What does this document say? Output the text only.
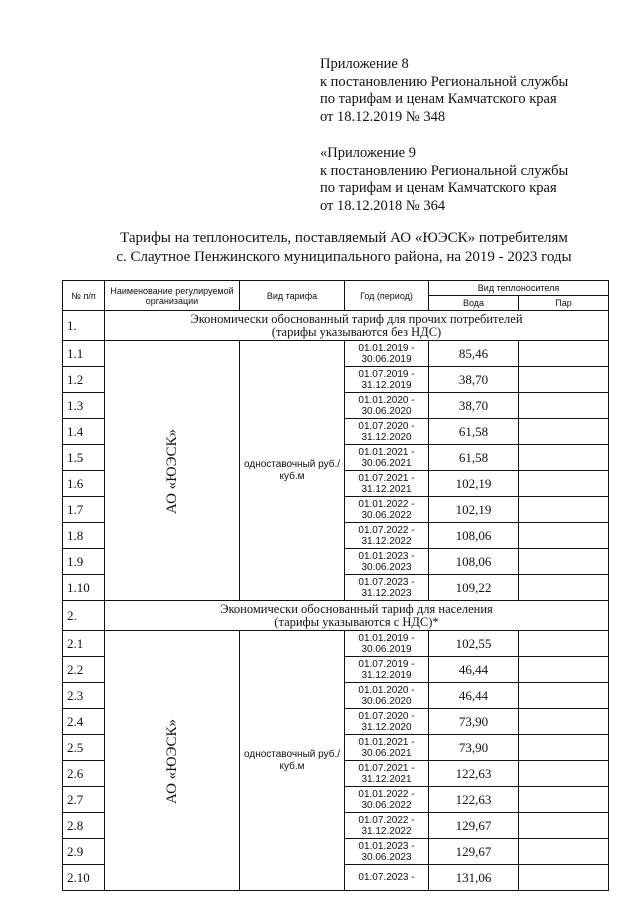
Приложение 8
к постановлению Региональной службы
по тарифам и ценам Камчатского края
от 18.12.2019 № 348
«Приложение 9
к постановлению Региональной службы
по тарифам и ценам Камчатского края
от 18.12.2018 № 364
Тарифы на теплоноситель, поставляемый АО «ЮЭСК» потребителям
с. Слаутное Пенжинского муниципального района, на 2019 - 2023 годы
№ п/п	Наименование регулируемой организации	Вид тарифа	Год (период)	Вид теплоносителя	
				Вода	Пар
1.	Экономически обоснованный тариф для прочих потребителей
(тарифы указываются без НДС)				

1.1	АО «ЮЭСК»	одноставочный руб./куб.м	01.01.2019 - 30.06.2019	85,46	
1.2			01.07.2019 - 31.12.2019	38,70	
1.3			01.01.2020 - 30.06.2020	38,70	
1.4			01.07.2020 - 31.12.2020	61,58	
1.5			01.01.2021 - 30.06.2021	61,58	
1.6			01.07.2021 - 31.12.2021	102,19	
1.7			01.01.2022 - 30.06.2022	102,19	
1.8			01.07.2022 - 31.12.2022	108,06	
1.9			01.01.2023 - 30.06.2023	108,06	
1.10			01.07.2023 - 31.12.2023	109,22	
2.	Экономически обоснованный тариф для населения
(тарифы указываются с НДС)*				

2.1	АО «ЮЭСК»	одноставочный руб./куб.м	01.01.2019 - 30.06.2019	102,55	
2.2			01.07.2019 - 31.12.2019	46,44	
2.3			01.01.2020 - 30.06.2020	46,44	
2.4			01.07.2020 - 31.12.2020	73,90	
2.5			01.01.2021 - 30.06.2021	73,90	
2.6			01.07.2021 - 31.12.2021	122,63	
2.7			01.01.2022 - 30.06.2022	122,63	
2.8			01.07.2022 - 31.12.2022	129,67	
2.9			01.01.2023 - 30.06.2023	129,67	
2.10			01.07.2023 -	131,06	
